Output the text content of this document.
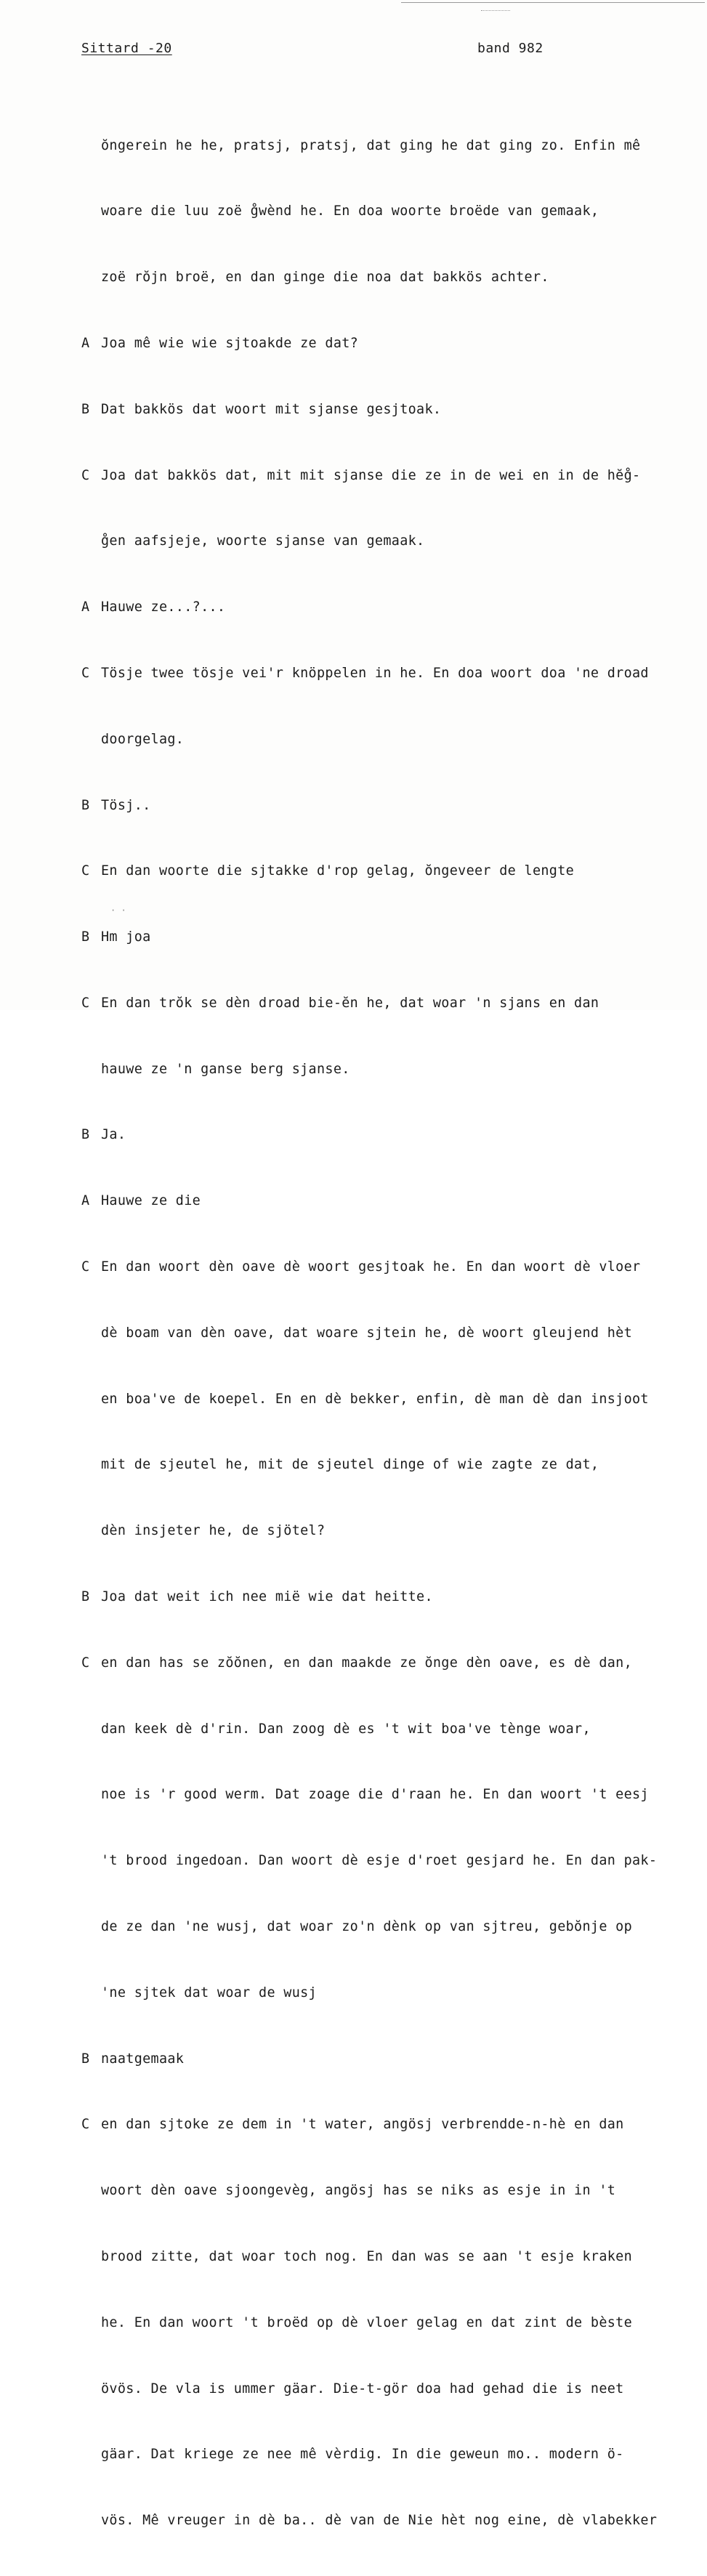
Sittard -20	band 982

ŏngerein he he, pratsj, pratsj, dat ging he dat ging zo. Enfin mê

woare die luu zoë g̊wènd he. En doa woorte broëde van gemaak,

zoë rŏjn broë, en dan ginge die noa dat bakkös achter.

A Joa mê wie wie sjtoakde ze dat?

B Dat bakkös dat woort mit sjanse gesjtoak.

C Joa dat bakkös dat, mit mit sjanse die ze in de wei en in de hĕg̊-

g̊en aafsjeje, woorte sjanse van gemaak.

A Hauwe ze...?...

C Tösje twee tösje vei'r knöppelen in he. En doa woort doa 'ne droad

doorgelag.

B Tösj..

C En dan woorte die sjtakke d'rop gelag, ŏngeveer de lengte

B Hm joa

C En dan trŏk se dèn droad bie-ĕn he, dat woar 'n sjans en dan

hauwe ze 'n ganse berg sjanse.

B Ja.

A Hauwe ze die

C En dan woort dèn oave dè woort gesjtoak he. En dan woort dè vloer

dè boam van dèn oave, dat woare sjtein he, dè woort gleujend hèt

en boa've de koepel. En en dè bekker, enfin, dè man dè dan insjoot

mit de sjeutel he, mit de sjeutel dinge of wie zagte ze dat,

dèn insjeter he, de sjötel?

B Joa dat weit ich nee mië wie dat heitte.

C en dan has se zŏŏnen, en dan maakde ze ŏnge dèn oave, es dè dan,

dan keek dè d'rin. Dan zoog dè es 't wit boa've tènge woar,

noe is 'r good werm. Dat zoage die d'raan he. En dan woort 't eesj

't brood ingedoan. Dan woort dè esje d'roet gesjard he. En dan pak-

de ze dan 'ne wusj, dat woar zo'n dènk op van sjtreu, gebŏnje op

'ne sjtek dat woar de wusj

B naatgemaak

C en dan sjtoke ze dem in 't water, angösj verbrendde-n-hè en dan

woort dèn oave sjoongevèg, angösj has se niks as esje in in 't

brood zitte, dat woar toch nog. En dan was se aan 't esje kraken

he. En dan woort 't broëd op dè vloer gelag en dat zint de bèste

övös. De vla is ummer gäar. Die-t-gör doa had gehad die is neet

gäar. Dat kriege ze nee mê vèrdig. In die geweun mo.. modern ö-

vös. Mê vreuger in dè ba.. dè van de Nie hèt nog eine, dè vlabekker

· ·
